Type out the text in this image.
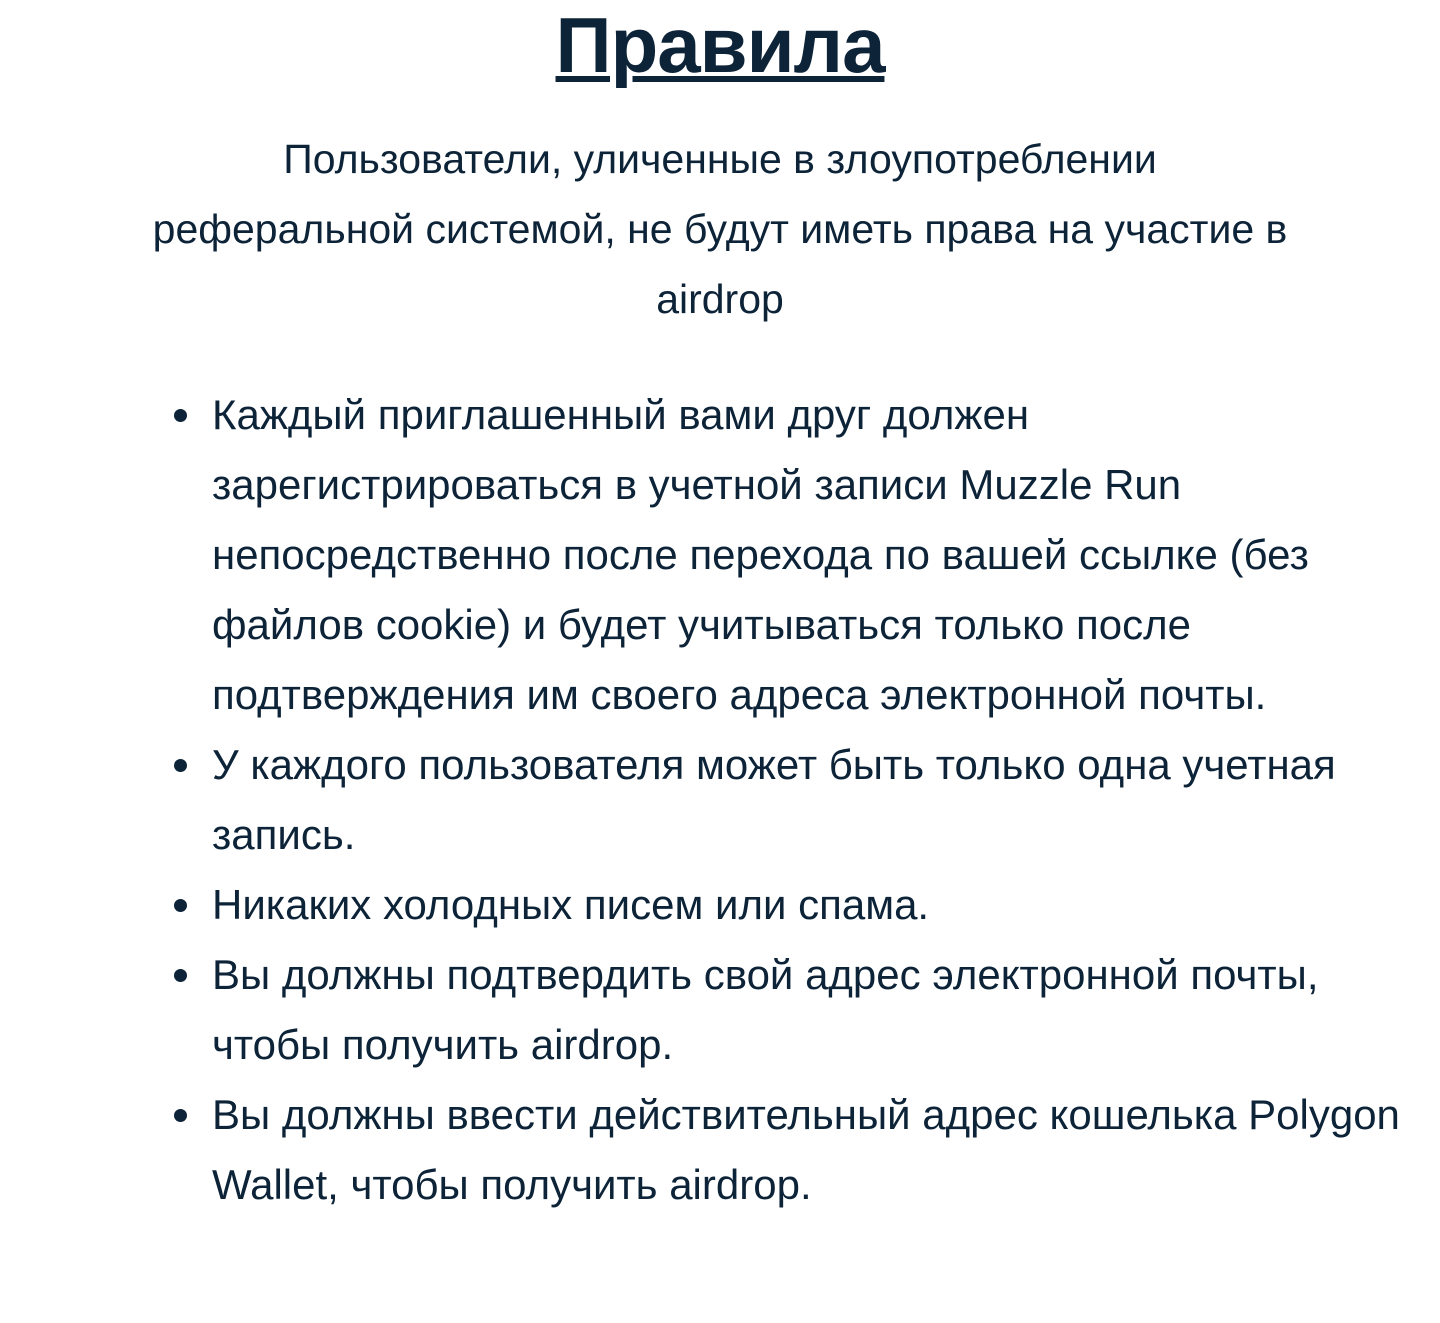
Правила

Пользователи, уличенные в злоупотреблении реферальной системой, не будут иметь права на участие в airdrop

Каждый приглашенный вами друг должен зарегистрироваться в учетной записи Muzzle Run непосредственно после перехода по вашей ссылке (без файлов cookie) и будет учитываться только после подтверждения им своего адреса электронной почты.
У каждого пользователя может быть только одна учетная запись.
Никаких холодных писем или спама.
Вы должны подтвердить свой адрес электронной почты, чтобы получить airdrop.
Вы должны ввести действительный адрес кошелька Polygon Wallet, чтобы получить airdrop.
